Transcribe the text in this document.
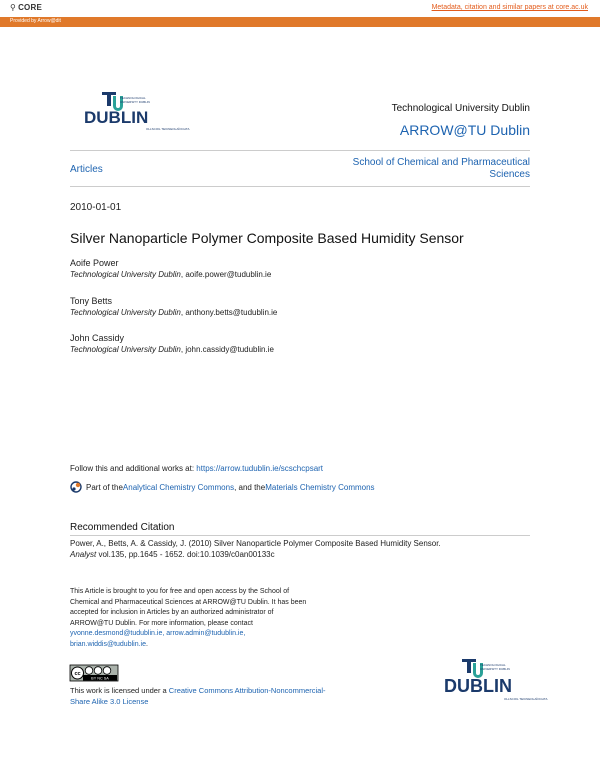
⚲ CORE	Metadata, citation and similar papers at core.ac.uk
Provided by Arrow@dit
TECHNOLOGICAL
UNIVERSITY DUBLIN
DUBLIN
OLLSCOIL TEICNEOLAÍOCHTA
Technological University Dublin
ARROW@TU Dublin
Articles
School of Chemical and Pharmaceutical Sciences
2010-01-01
Silver Nanoparticle Polymer Composite Based Humidity Sensor
Aoife Power
Technological University Dublin, aoife.power@tudublin.ie
Tony Betts
Technological University Dublin, anthony.betts@tudublin.ie
John Cassidy
Technological University Dublin, john.cassidy@tudublin.ie
Follow this and additional works at: https://arrow.tudublin.ie/scschcpsart
Part of the Analytical Chemistry Commons , and the Materials Chemistry Commons
Recommended Citation
Power, A., Betts, A. & Cassidy, J. (2010) Silver Nanoparticle Polymer Composite Based Humidity Sensor.
Analyst vol.135, pp.1645 - 1652. doi:10.1039/c0an00133c
This Article is brought to you for free and open access by the School of Chemical and Pharmaceutical Sciences at ARROW@TU Dublin. It has been accepted for inclusion in Articles by an authorized administrator of ARROW@TU Dublin. For more information, please contact yvonne.desmond@tudublin.ie, arrow.admin@tudublin.ie, brian.widdis@tudublin.ie.
cc
BY NC SA
This work is licensed under a Creative Commons Attribution-Noncommercial-Share Alike 3.0 License
TECHNOLOGICAL
UNIVERSITY DUBLIN
DUBLIN
OLLSCOIL TEICNEOLAÍOCHTA
